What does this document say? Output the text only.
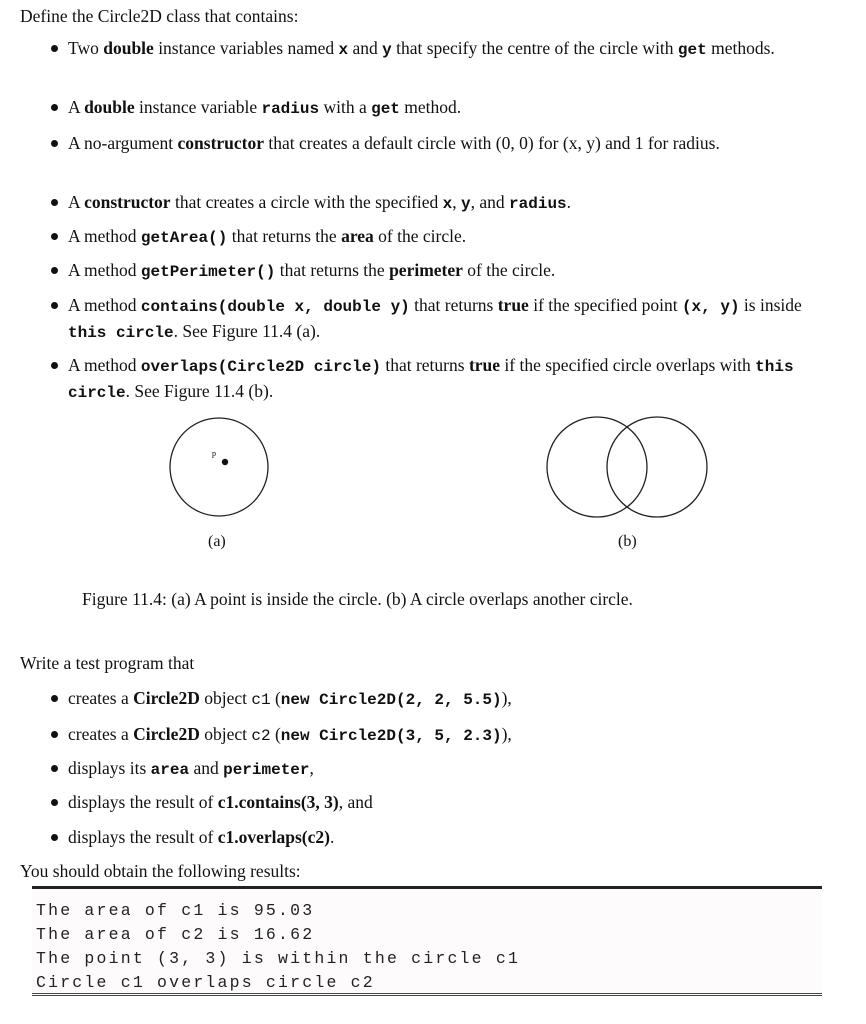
Define the Circle2D class that contains:
Two double instance variables named x and y that specify the centre of the circle with get methods.
A double instance variable radius with a get method.
A no-argument constructor that creates a default circle with (0, 0) for (x, y) and 1 for radius.
A constructor that creates a circle with the specified x, y, and radius.
A method getArea() that returns the area of the circle.
A method getPerimeter() that returns the perimeter of the circle.
A method contains(double x, double y) that returns true if the specified point (x, y) is inside this circle. See Figure 11.4 (a).
A method overlaps(Circle2D circle) that returns true if the specified circle overlaps with this circle. See Figure 11.4 (b).
p
(a)	(b)
Figure 11.4: (a) A point is inside the circle. (b) A circle overlaps another circle.
Write a test program that
creates a Circle2D object c1 (new Circle2D(2, 2, 5.5)),
creates a Circle2D object c2 (new Circle2D(3, 5, 2.3)),
displays its area and perimeter,
displays the result of c1.contains(3, 3), and
displays the result of c1.overlaps(c2).
You should obtain the following results:
The area of c1 is 95.03
The area of c2 is 16.62
The point (3, 3) is within the circle c1
Circle c1 overlaps circle c2
